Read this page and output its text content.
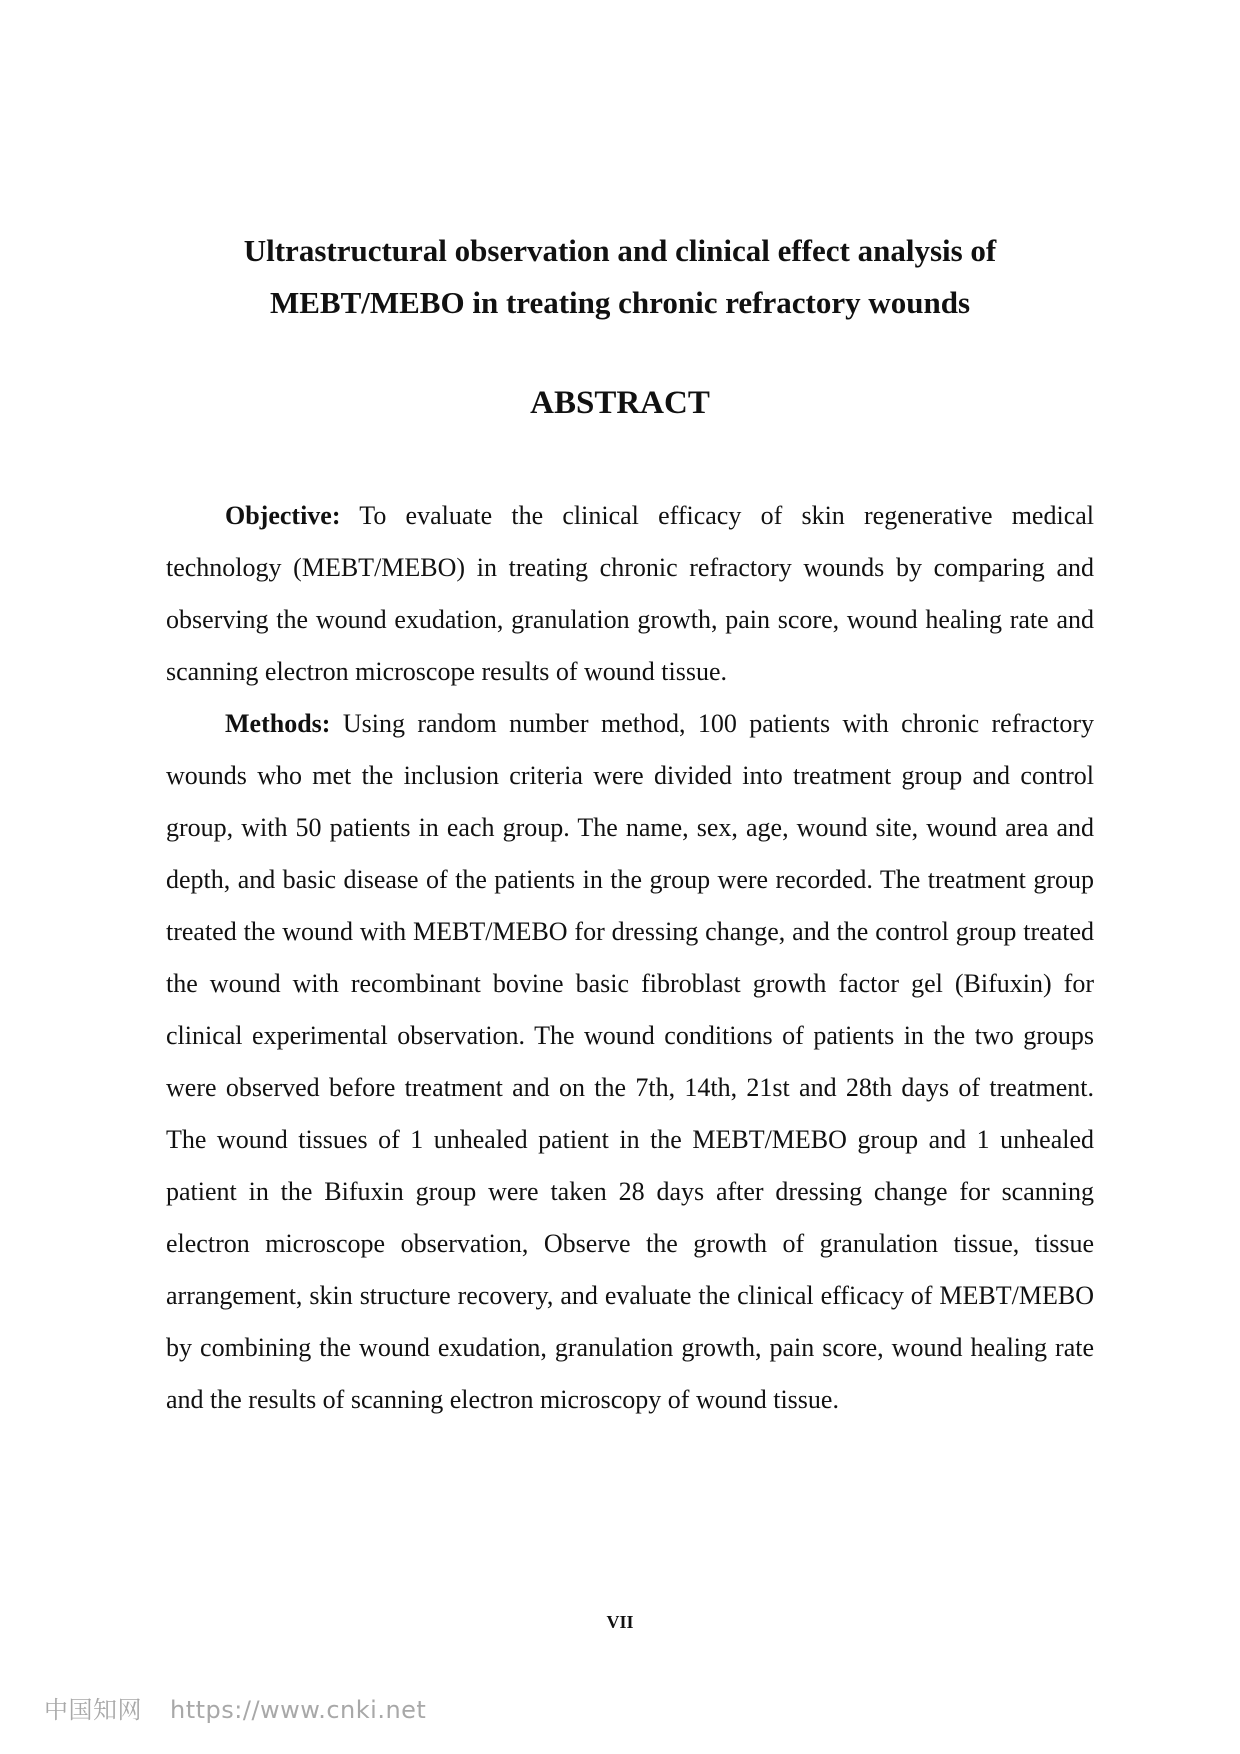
Ultrastructural observation and clinical effect analysis of
MEBT/MEBO in treating chronic refractory wounds
ABSTRACT

Objective: To evaluate the clinical efficacy of skin regenerative medical technology (MEBT/MEBO) in treating chronic refractory wounds by comparing and observing the wound exudation, granulation growth, pain score, wound healing rate and scanning electron microscope results of wound tissue.

Methods: Using random number method, 100 patients with chronic refractory wounds who met the inclusion criteria were divided into treatment group and control group, with 50 patients in each group. The name, sex, age, wound site, wound area and depth, and basic disease of the patients in the group were recorded. The treatment group treated the wound with MEBT/MEBO for dressing change, and the control group treated the wound with recombinant bovine basic fibroblast growth factor gel (Bifuxin) for clinical experimental observation. The wound conditions of patients in the two groups were observed before treatment and on the 7th, 14th, 21st and 28th days of treatment. The wound tissues of 1 unhealed patient in the MEBT/MEBO group and 1 unhealed patient in the Bifuxin group were taken 28 days after dressing change for scanning electron microscope observation, Observe the growth of granulation tissue, tissue arrangement, skin structure recovery, and evaluate the clinical efficacy of MEBT/MEBO by combining the wound exudation, granulation growth, pain score, wound healing rate and the results of scanning electron microscopy of wound tissue.

VII
中国知网 https://www.cnki.net
